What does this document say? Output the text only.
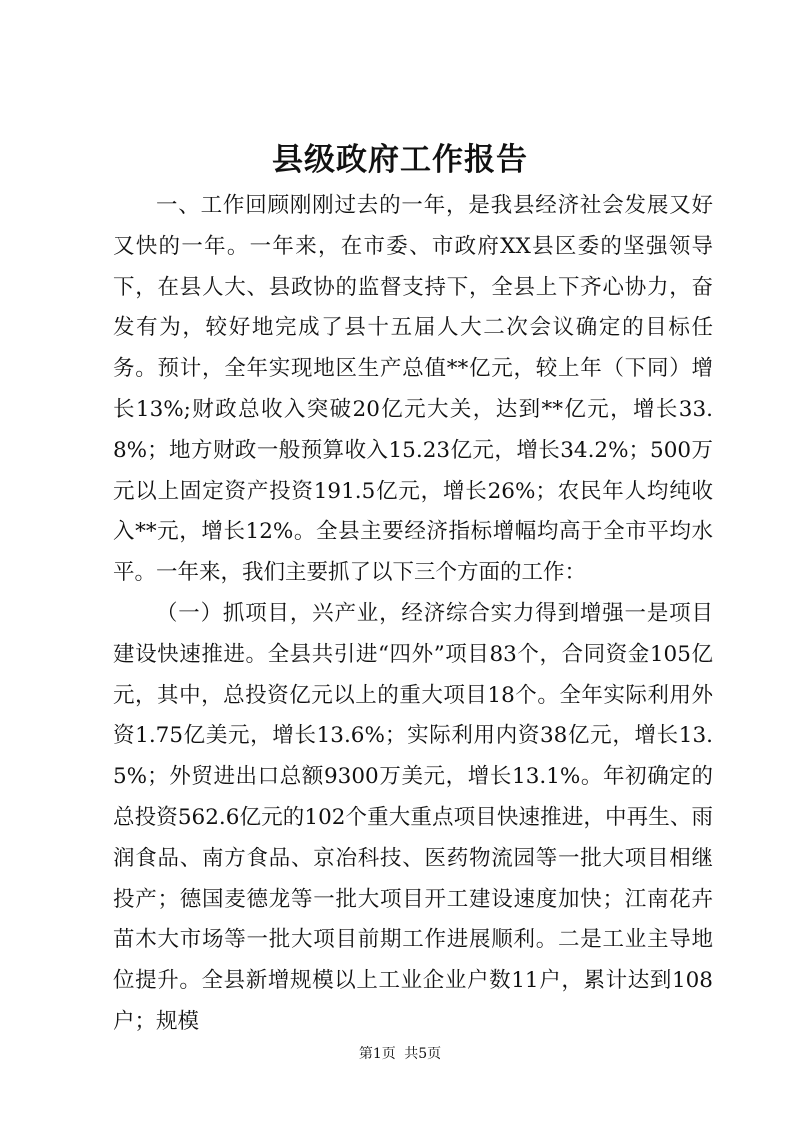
县级政府工作报告

一、工作回顾刚刚过去的一年，是我县经济社会发展又好又快的一年。一年来，在市委、市政府XX县区委的坚强领导下，在县人大、县政协的监督支持下，全县上下齐心协力，奋发有为，较好地完成了县十五届人大二次会议确定的目标任务。预计，全年实现地区生产总值**亿元，较上年（下同）增长13%;财政总收入突破20亿元大关，达到**亿元，增长33.8%；地方财政一般预算收入15.23亿元，增长34.2%；500万元以上固定资产投资191.5亿元，增长26%；农民年人均纯收入**元，增长12%。全县主要经济指标增幅均高于全市平均水平。一年来，我们主要抓了以下三个方面的工作：

（一）抓项目，兴产业，经济综合实力得到增强一是项目建设快速推进。全县共引进“四外”项目83个，合同资金105亿元，其中，总投资亿元以上的重大项目18个。全年实际利用外资1.75亿美元，增长13.6%；实际利用内资38亿元，增长13.5%；外贸进出口总额9300万美元，增长13.1%。年初确定的总投资562.6亿元的102个重大重点项目快速推进，中再生、雨润食品、南方食品、京冶科技、医药物流园等一批大项目相继投产；德国麦德龙等一批大项目开工建设速度加快；江南花卉苗木大市场等一批大项目前期工作进展顺利。二是工业主导地位提升。全县新增规模以上工业企业户数11户，累计达到108户；规模

第1页 共5页
